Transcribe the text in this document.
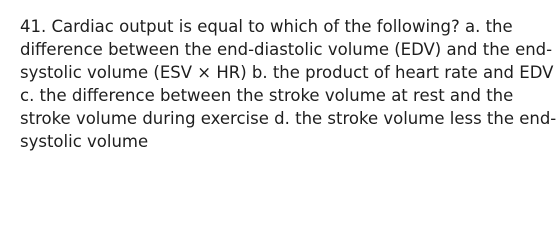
41. Cardiac output is equal to which of the following? a. the
difference between the end-diastolic volume (EDV) and the end-
systolic volume (ESV × HR) b. the product of heart rate and EDV
c. the difference between the stroke volume at rest and the
stroke volume during exercise d. the stroke volume less the end-
systolic volume
